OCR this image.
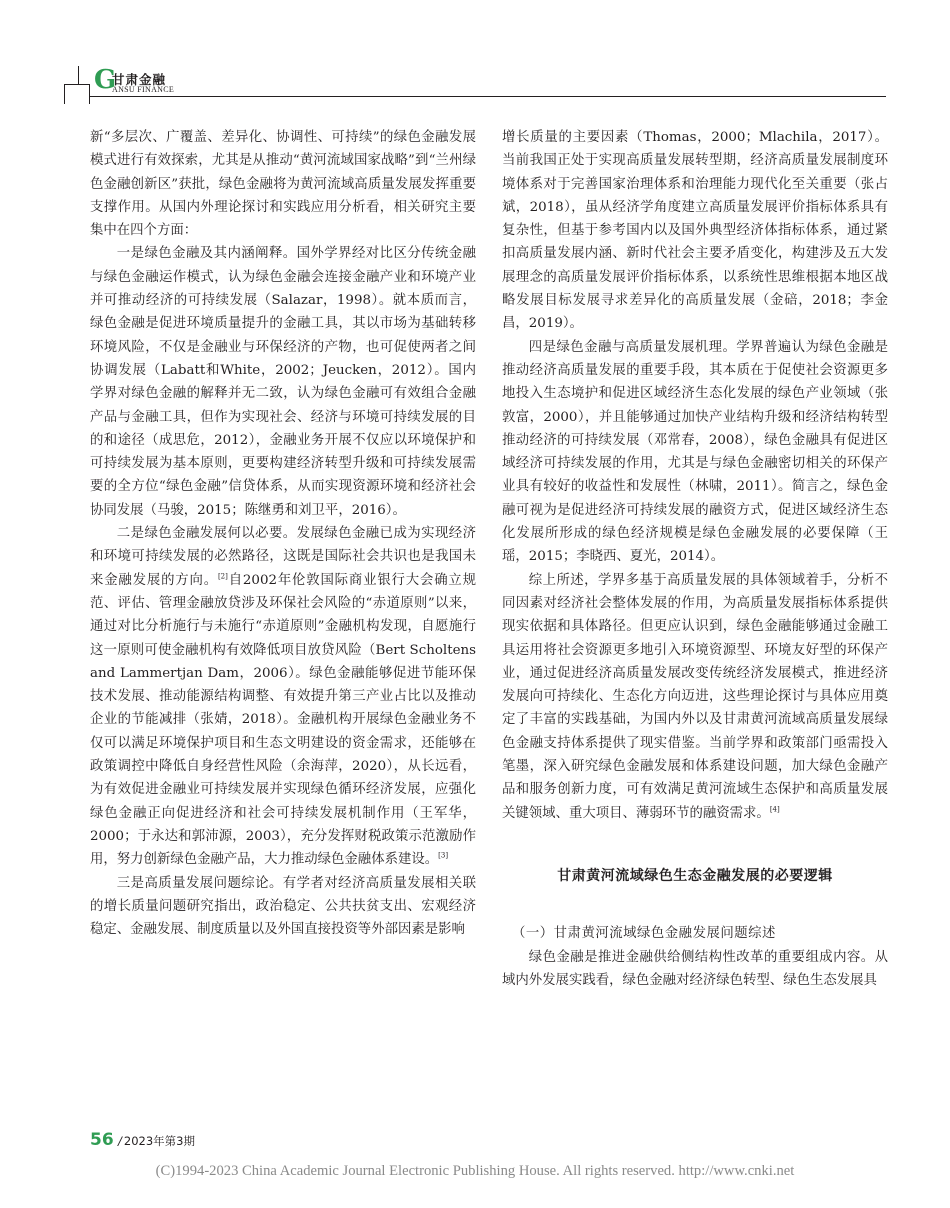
G
甘肃金融
ANSU FINANCE

新“多层次、广覆盖、差异化、协调性、可持续”的绿色金融发展模式进行有效探索，尤其是从推动“黄河流域国家战略”到“兰州绿色金融创新区”获批，绿色金融将为黄河流域高质量发展发挥重要支撑作用。从国内外理论探讨和实践应用分析看，相关研究主要集中在四个方面：

一是绿色金融及其内涵阐释。国外学界经对比区分传统金融与绿色金融运作模式，认为绿色金融会连接金融产业和环境产业并可推动经济的可持续发展（Salazar，1998）。就本质而言，绿色金融是促进环境质量提升的金融工具，其以市场为基础转移环境风险，不仅是金融业与环保经济的产物，也可促使两者之间协调发展（Labatt和White，2002；Jeucken，2012）。国内学界对绿色金融的解释并无二致，认为绿色金融可有效组合金融产品与金融工具，但作为实现社会、经济与环境可持续发展的目的和途径（成思危，2012），金融业务开展不仅应以环境保护和可持续发展为基本原则，更要构建经济转型升级和可持续发展需要的全方位“绿色金融”信贷体系，从而实现资源环境和经济社会协同发展（马骏，2015；陈继勇和刘卫平，2016）。

二是绿色金融发展何以必要。发展绿色金融已成为实现经济和环境可持续发展的必然路径，这既是国际社会共识也是我国未来金融发展的方向。[2]自2002年伦敦国际商业银行大会确立规范、评估、管理金融放贷涉及环保社会风险的“赤道原则”以来，通过对比分析施行与未施行“赤道原则”金融机构发现，自愿施行这一原则可使金融机构有效降低项目放贷风险（Bert Scholtens and Lammertjan Dam，2006）。绿色金融能够促进节能环保技术发展、推动能源结构调整、有效提升第三产业占比以及推动企业的节能减排（张婧，2018）。金融机构开展绿色金融业务不仅可以满足环境保护项目和生态文明建设的资金需求，还能够在政策调控中降低自身经营性风险（余海萍，2020），从长远看，为有效促进金融业可持续发展并实现绿色循环经济发展，应强化绿色金融正向促进经济和社会可持续发展机制作用（王军华，2000；于永达和郭沛源，2003），充分发挥财税政策示范激励作用，努力创新绿色金融产品，大力推动绿色金融体系建设。[3]

三是高质量发展问题综论。有学者对经济高质量发展相关联的增长质量问题研究指出，政治稳定、公共扶贫支出、宏观经济稳定、金融发展、制度质量以及外国直接投资等外部因素是影响

增长质量的主要因素（Thomas，2000；Mlachila，2017）。当前我国正处于实现高质量发展转型期，经济高质量发展制度环境体系对于完善国家治理体系和治理能力现代化至关重要（张占斌，2018），虽从经济学角度建立高质量发展评价指标体系具有复杂性，但基于参考国内以及国外典型经济体指标体系，通过紧扣高质量发展内涵、新时代社会主要矛盾变化，构建涉及五大发展理念的高质量发展评价指标体系，以系统性思维根据本地区战略发展目标发展寻求差异化的高质量发展（金碚，2018；李金昌，2019）。

四是绿色金融与高质量发展机理。学界普遍认为绿色金融是推动经济高质量发展的重要手段，其本质在于促使社会资源更多地投入生态境护和促进区域经济生态化发展的绿色产业领域（张敦富，2000），并且能够通过加快产业结构升级和经济结构转型推动经济的可持续发展（邓常春，2008），绿色金融具有促进区域经济可持续发展的作用，尤其是与绿色金融密切相关的环保产业具有较好的收益性和发展性（林啸，2011）。简言之，绿色金融可视为是促进经济可持续发展的融资方式，促进区域经济生态化发展所形成的绿色经济规模是绿色金融发展的必要保障（王瑶，2015；李晓西、夏光，2014）。

综上所述，学界多基于高质量发展的具体领域着手，分析不同因素对经济社会整体发展的作用，为高质量发展指标体系提供现实依据和具体路径。但更应认识到，绿色金融能够通过金融工具运用将社会资源更多地引入环境资源型、环境友好型的环保产业，通过促进经济高质量发展改变传统经济发展模式，推进经济发展向可持续化、生态化方向迈进，这些理论探讨与具体应用奠定了丰富的实践基础，为国内外以及甘肃黄河流域高质量发展绿色金融支持体系提供了现实借鉴。当前学界和政策部门亟需投入笔墨，深入研究绿色金融发展和体系建设问题，加大绿色金融产品和服务创新力度，可有效满足黄河流域生态保护和高质量发展关键领域、重大项目、薄弱环节的融资需求。[4]

甘肃黄河流域绿色生态金融发展的必要逻辑
（一）甘肃黄河流域绿色金融发展问题综述

绿色金融是推进金融供给侧结构性改革的重要组成内容。从域内外发展实践看，绿色金融对经济绿色转型、绿色生态发展具

56 / 2023年第3期
(C)1994-2023 China Academic Journal Electronic Publishing House. All rights reserved. http://www.cnki.net
